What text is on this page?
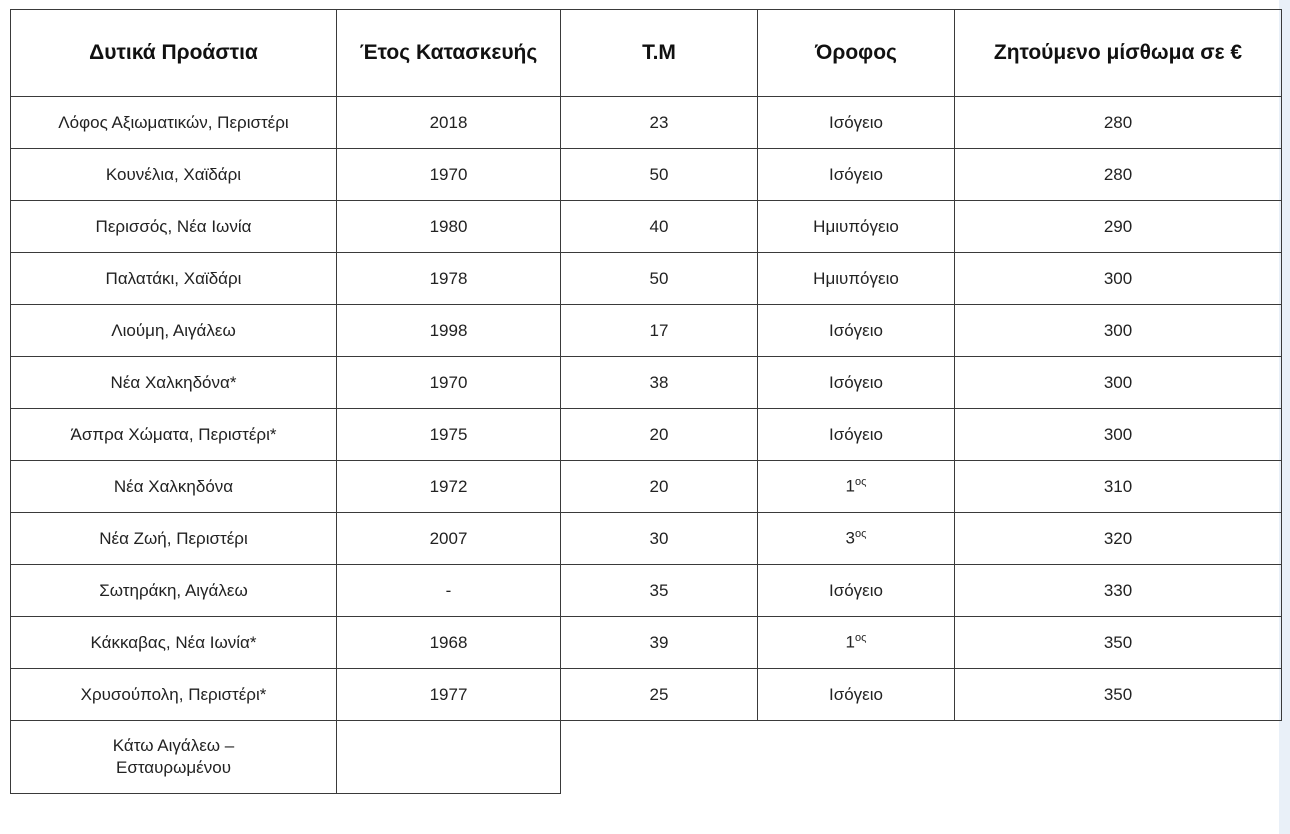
Δυτικά Προάστια	Έτος Κατασκευής	Τ.Μ	Όροφος	Ζητούμενο μίσθωμα σε €
Λόφος Αξιωματικών, Περιστέρι	2018	23	Ισόγειο	280
Κουνέλια, Χαϊδάρι	1970	50	Ισόγειο	280
Περισσός, Νέα Ιωνία	1980	40	Ημιυπόγειο	290
Παλατάκι, Χαϊδάρι	1978	50	Ημιυπόγειο	300
Λιούμη, Αιγάλεω	1998	17	Ισόγειο	300
Νέα Χαλκηδόνα*	1970	38	Ισόγειο	300
Άσπρα Χώματα, Περιστέρι*	1975	20	Ισόγειο	300
Νέα Χαλκηδόνα	1972	20	$1^{o\varsigma}$	310
Νέα Ζωή, Περιστέρι	2007	30	$3^{o\varsigma}$	320
Σωτηράκη, Αιγάλεω	-	35	Ισόγειο	330
Κάκκαβας, Νέα Ιωνία*	1968	39	$1^{o\varsigma}$	350
Χρυσούπολη, Περιστέρι*	1977	25	Ισόγειο	350
Κάτω Αιγάλεω – Εσταυρωμένου				
